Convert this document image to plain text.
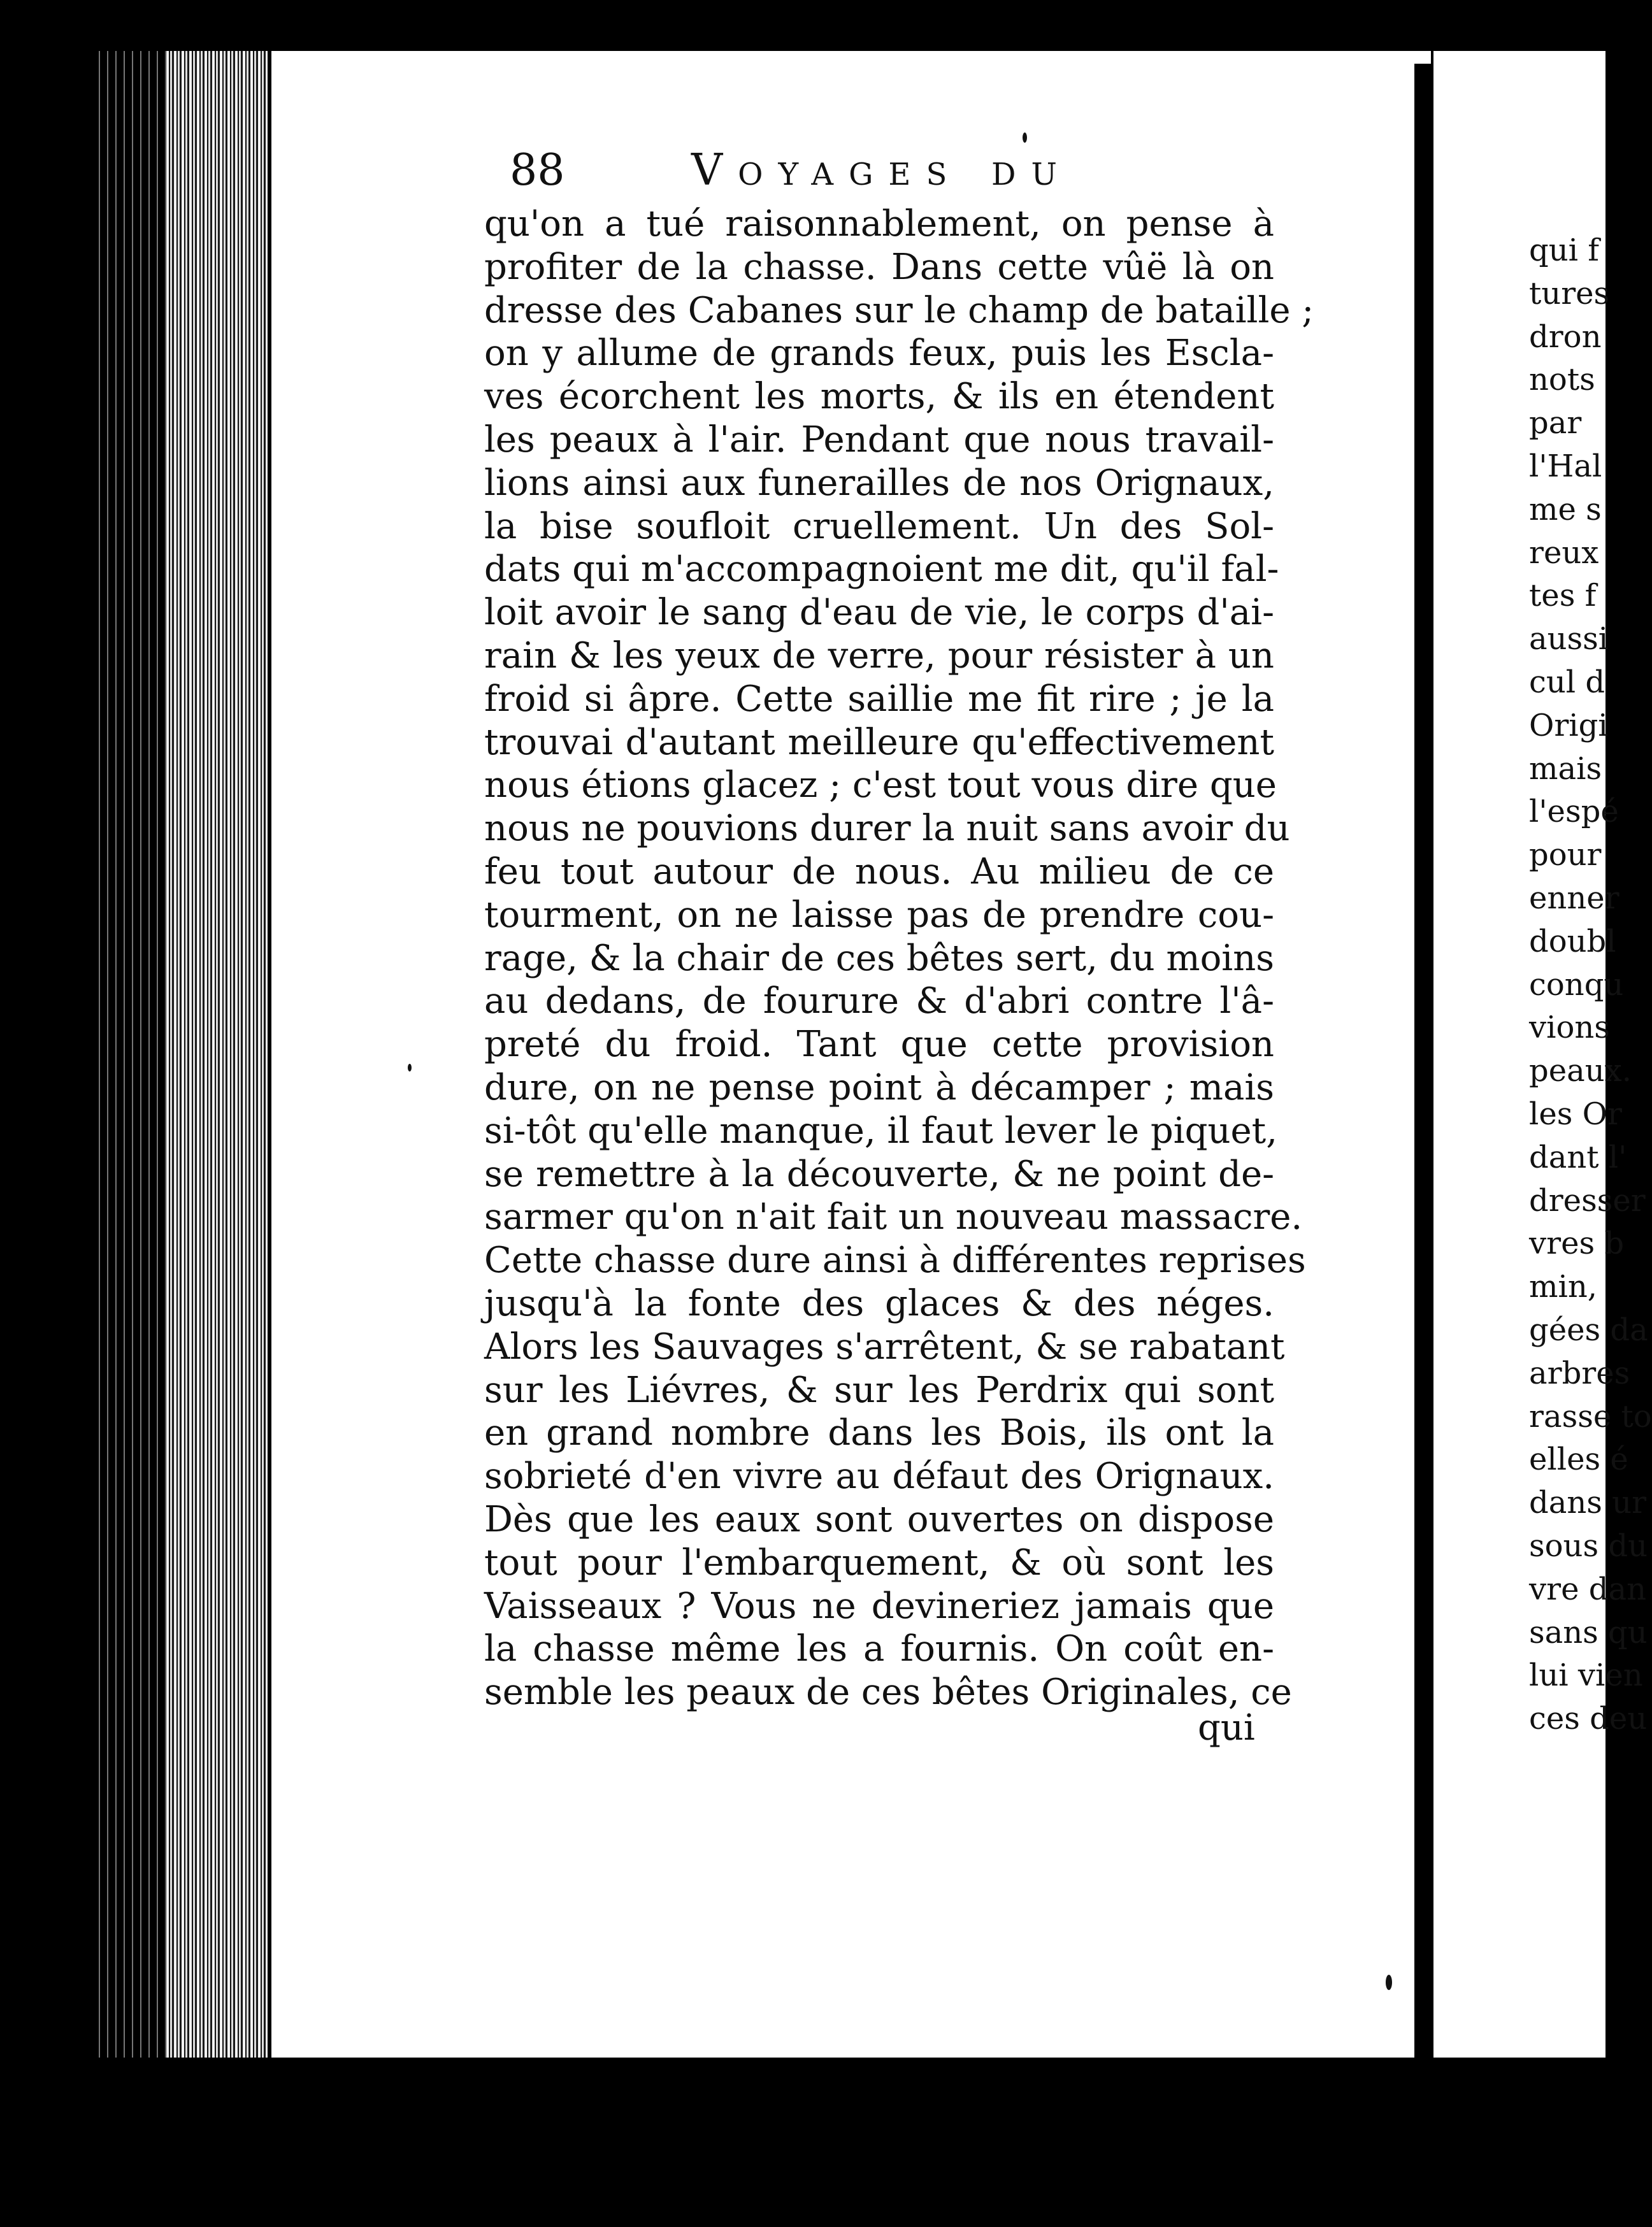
88	Voyages du
qu'on a tué raisonnablement, on pense à
profiter de la chasse. Dans cette vûë là on
dresse des Cabanes sur le champ de bataille ;
on y allume de grands feux, puis les Escla-
ves écorchent les morts, & ils en étendent
les peaux à l'air. Pendant que nous travail-
lions ainsi aux funerailles de nos Orignaux,
la bise soufloit cruellement. Un des Sol-
dats qui m'accompagnoient me dit, qu'il fal-
loit avoir le sang d'eau de vie, le corps d'ai-
rain & les yeux de verre, pour résister à un
froid si âpre. Cette saillie me fit rire ; je la
trouvai d'autant meilleure qu'effectivement
nous étions glacez ; c'est tout vous dire que
nous ne pouvions durer la nuit sans avoir du
feu tout autour de nous. Au milieu de ce
tourment, on ne laisse pas de prendre cou-
rage, & la chair de ces bêtes sert, du moins
au dedans, de fourure & d'abri contre l'â-
preté du froid. Tant que cette provision
dure, on ne pense point à décamper ; mais
si-tôt qu'elle manque, il faut lever le piquet,
se remettre à la découverte, & ne point de-
sarmer qu'on n'ait fait un nouveau massacre.
Cette chasse dure ainsi à différentes reprises
jusqu'à la fonte des glaces & des néges.
Alors les Sauvages s'arrêtent, & se rabatant
sur les Liévres, & sur les Perdrix qui sont
en grand nombre dans les Bois, ils ont la
sobrieté d'en vivre au défaut des Orignaux.
Dès que les eaux sont ouvertes on dispose
tout pour l'embarquement, & où sont les
Vaisseaux ? Vous ne devineriez jamais que
la chasse même les a fournis. On coût en-
semble les peaux de ces bêtes Originales, ce
qui
qui f
tures
dron
nots
par
l'Hal
me s
reux
tes f
aussi
cul d
Origi
mais
l'espé
pour
enner
doubl
conqu
vions
peaux.
les Or
dant l'
dresser
vres b
min,
gées da
arbres
rasse to
elles é
dans ur
sous du
vre dan
sans qu
lui vien
ces deu
